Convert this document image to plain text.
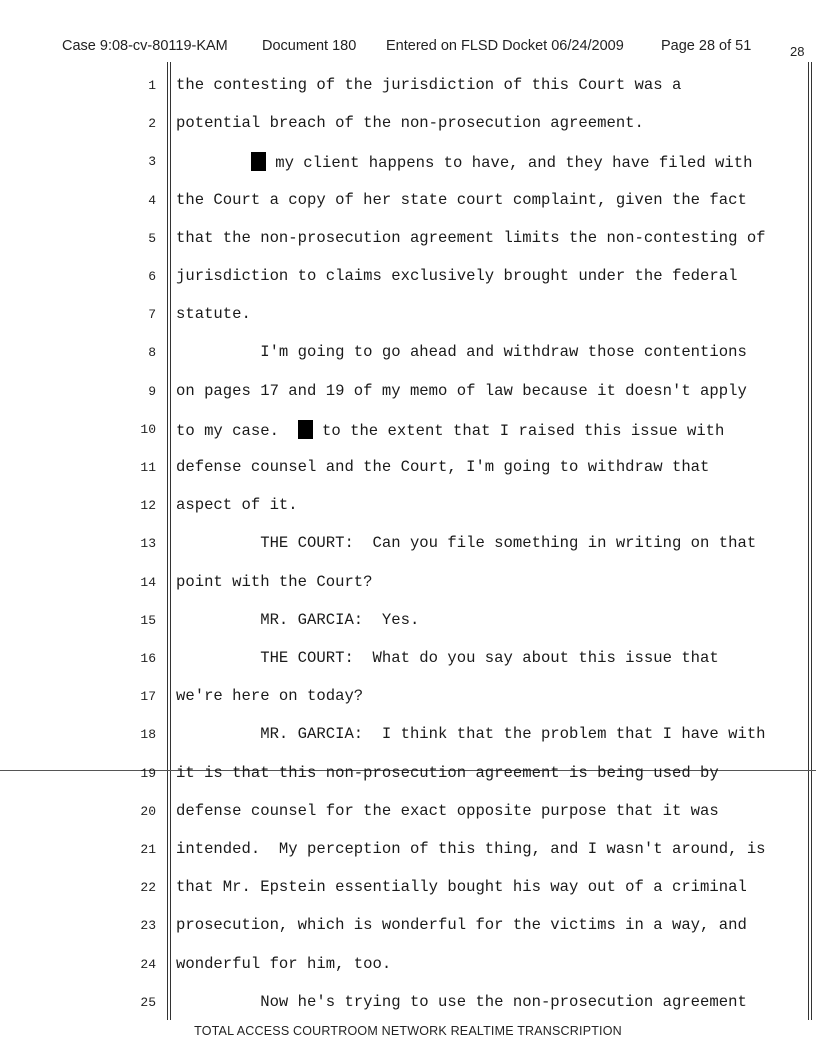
Case 9:08-cv-80119-KAM Document 180 Entered on FLSD Docket 06/24/2009	Page 28 of 51	28
1 the contesting of the jurisdiction of this Court was a
2 potential breach of the non-prosecution agreement.
3	my client happens to have, and they have filed with
4 the Court a copy of her state court complaint, given the fact
5 that the non-prosecution agreement limits the non-contesting of
6 jurisdiction to claims exclusively brought under the federal
7 statute.
8 I'm going to go ahead and withdraw those contentions
9 on pages 17 and 19 of my memo of law because it doesn't apply
10 to my case.   to the extent that I raised this issue with
11 defense counsel and the Court, I'm going to withdraw that
12 aspect of it.
13 THE COURT:  Can you file something in writing on that
14 point with the Court?
15 MR. GARCIA:  Yes.
16 THE COURT:  What do you say about this issue that
17 we're here on today?
18 MR. GARCIA:  I think that the problem that I have with
19 it is that this non-prosecution agreement is being used by
20 defense counsel for the exact opposite purpose that it was
21 intended.  My perception of this thing, and I wasn't around, is
22 that Mr. Epstein essentially bought his way out of a criminal
23 prosecution, which is wonderful for the victims in a way, and
24 wonderful for him, too.
25 Now he's trying to use the non-prosecution agreement
TOTAL ACCESS COURTROOM NETWORK REALTIME TRANSCRIPTION
